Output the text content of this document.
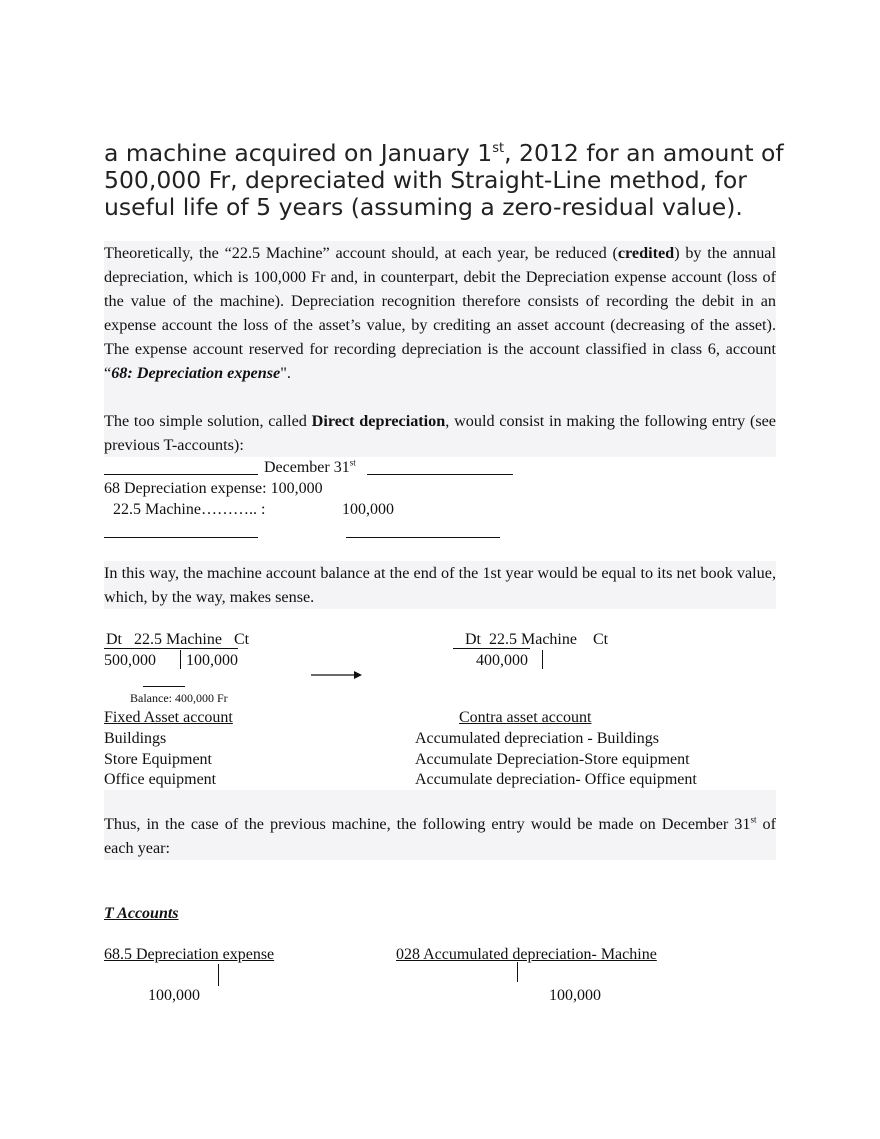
a machine acquired on January 1st, 2012 for an amount of 500,000 Fr, depreciated with Straight-Line method, for useful life of 5 years (assuming a zero-residual value).
Theoretically, the “22.5 Machine” account should, at each year, be reduced (credited) by the annual depreciation, which is 100,000 Fr and, in counterpart, debit the Depreciation expense account (loss of the value of the machine). Depreciation recognition therefore consists of recording the debit in an expense account the loss of the asset’s value, by crediting an asset account (decreasing of the asset). The expense account reserved for recording depreciation is the account classified in class 6, account “68: Depreciation expense".
The too simple solution, called Direct depreciation, would consist in making the following entry (see previous T-accounts):
December 31st
68 Depreciation expense: 100,000
22.5 Machine……….. :	100,000
In this way, the machine account balance at the end of the 1st year would be equal to its net book value, which, by the way, makes sense.
Dt 22.5 Machine Ct
500,000 100,000
Balance: 400,000 Fr
Dt 22.5 Machine Ct
400,000
Fixed Asset account	Contra asset account
Buildings	Accumulated depreciation - Buildings
Store Equipment	Accumulate Depreciation-Store equipment
Office equipment	Accumulate depreciation- Office equipment
Thus, in the case of the previous machine, the following entry would be made on December 31st of each year:
T Accounts
68.5 Depreciation expense
100,000
028 Accumulated depreciation- Machine
100,000
